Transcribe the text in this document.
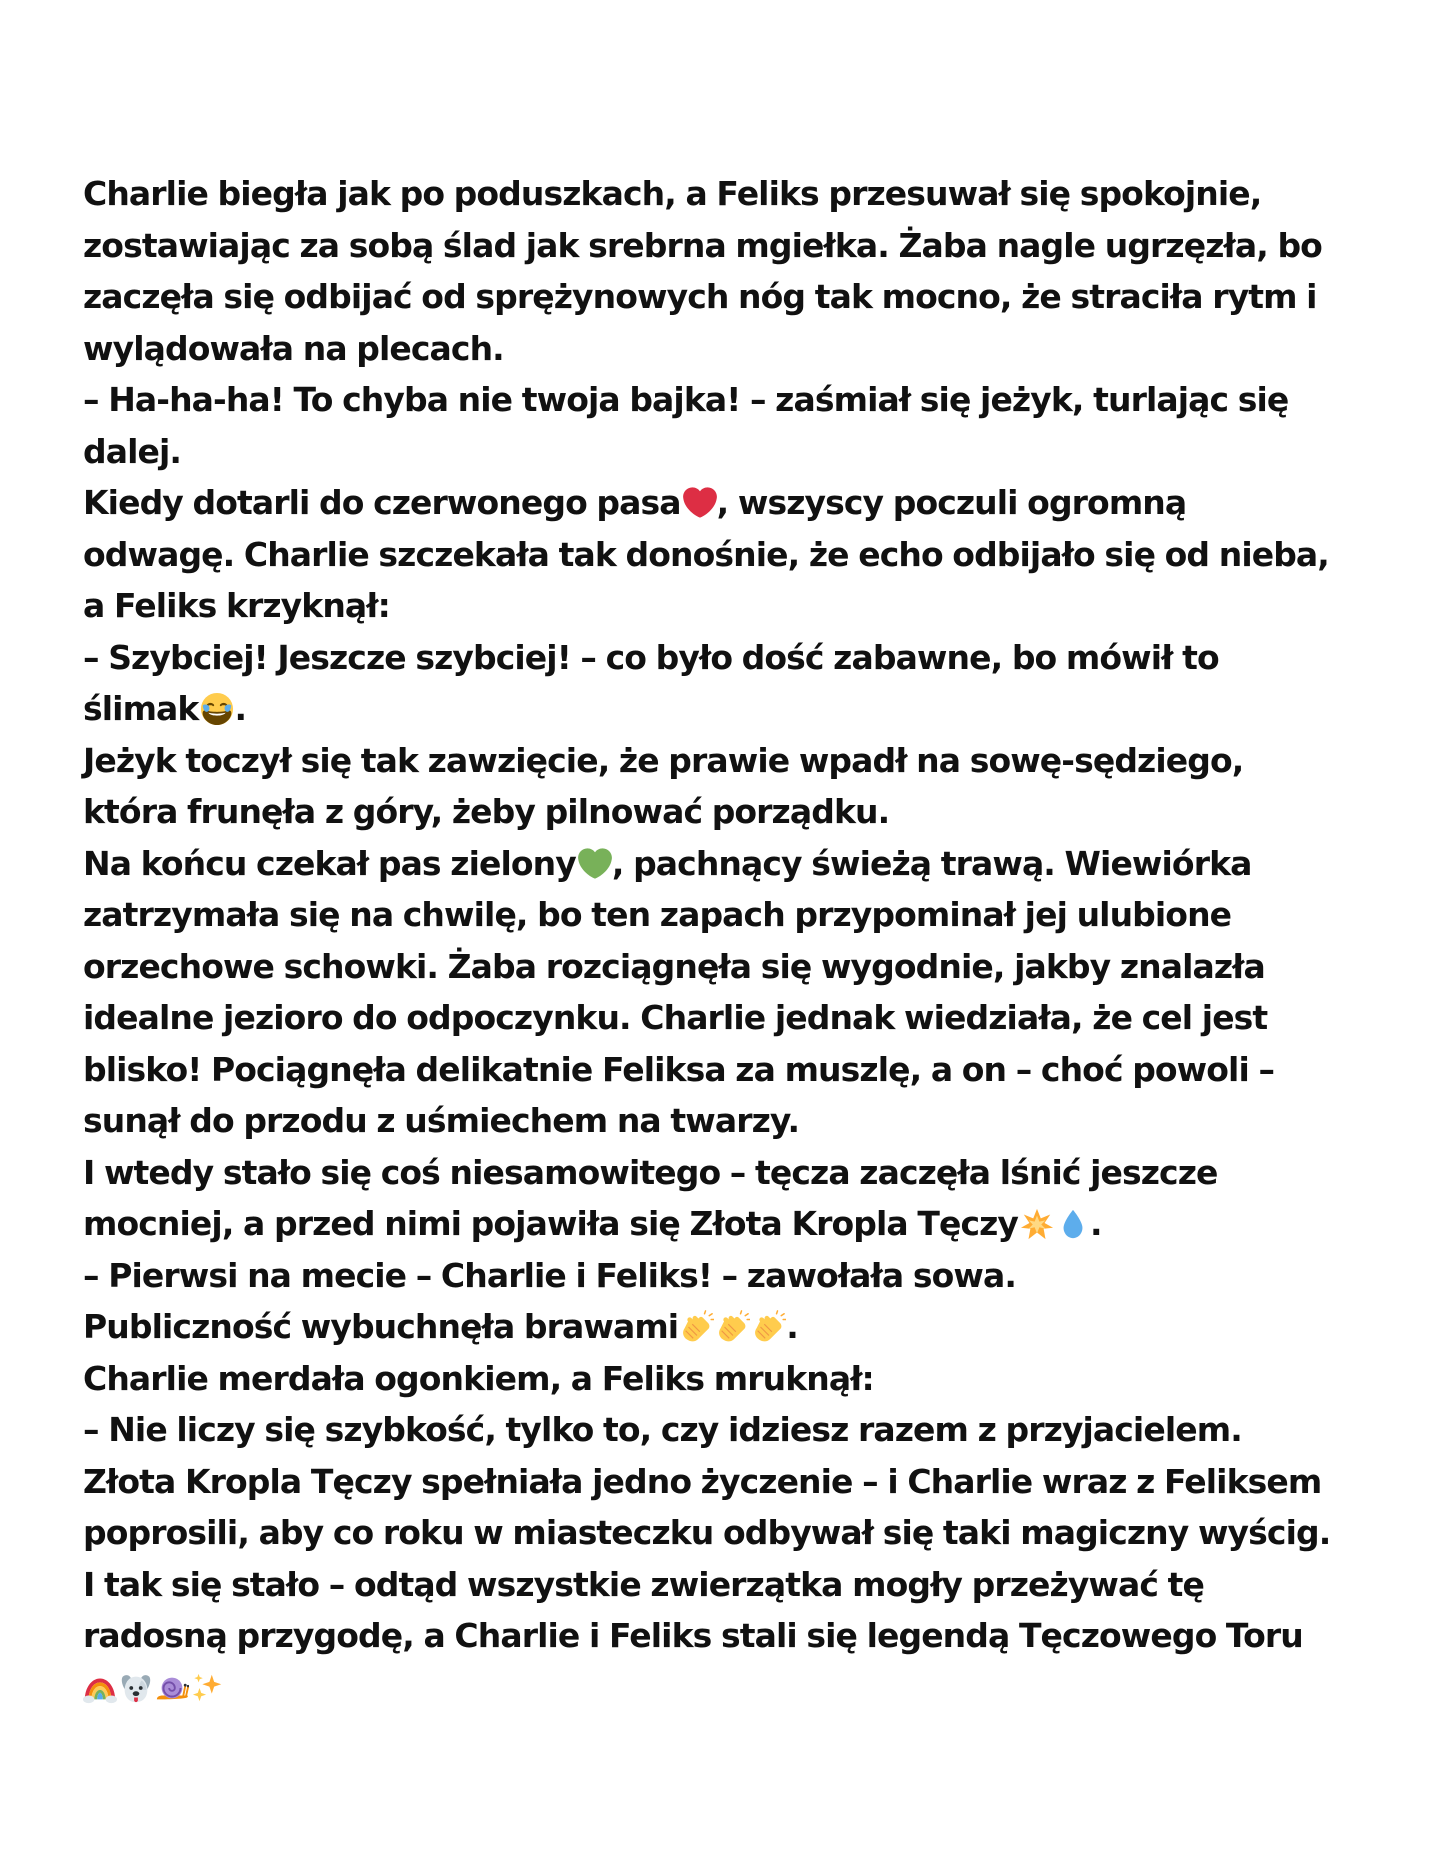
Charlie biegła jak po poduszkach, a Feliks przesuwał się spokojnie,
zostawiając za sobą ślad jak srebrna mgiełka. Żaba nagle ugrzęzła, bo
zaczęła się odbijać od sprężynowych nóg tak mocno, że straciła rytm i
wylądowała na plecach.
– Ha-ha-ha! To chyba nie twoja bajka! – zaśmiał się jeżyk, turlając się
dalej.
Kiedy dotarli do czerwonego pasa , wszyscy poczuli ogromną
odwagę. Charlie szczekała tak donośnie, że echo odbijało się od nieba,
a Feliks krzyknął:
– Szybciej! Jeszcze szybciej! – co było dość zabawne, bo mówił to
ślimak .
Jeżyk toczył się tak zawzięcie, że prawie wpadł na sowę-sędziego,
która frunęła z góry, żeby pilnować porządku.
Na końcu czekał pas zielony , pachnący świeżą trawą. Wiewiórka
zatrzymała się na chwilę, bo ten zapach przypominał jej ulubione
orzechowe schowki. Żaba rozciągnęła się wygodnie, jakby znalazła
idealne jezioro do odpoczynku. Charlie jednak wiedziała, że cel jest
blisko! Pociągnęła delikatnie Feliksa za muszlę, a on – choć powoli –
sunął do przodu z uśmiechem na twarzy.
I wtedy stało się coś niesamowitego – tęcza zaczęła lśnić jeszcze
mocniej, a przed nimi pojawiła się Złota Kropla Tęczy .
– Pierwsi na mecie – Charlie i Feliks! – zawołała sowa.
Publiczność wybuchnęła brawami	.
Charlie merdała ogonkiem, a Feliks mruknął:
– Nie liczy się szybkość, tylko to, czy idziesz razem z przyjacielem.
Złota Kropla Tęczy spełniała jedno życzenie – i Charlie wraz z Feliksem
poprosili, aby co roku w miasteczku odbywał się taki magiczny wyścig.
I tak się stało – odtąd wszystkie zwierzątka mogły przeżywać tę
radosną przygodę, a Charlie i Feliks stali się legendą Tęczowego Toru
